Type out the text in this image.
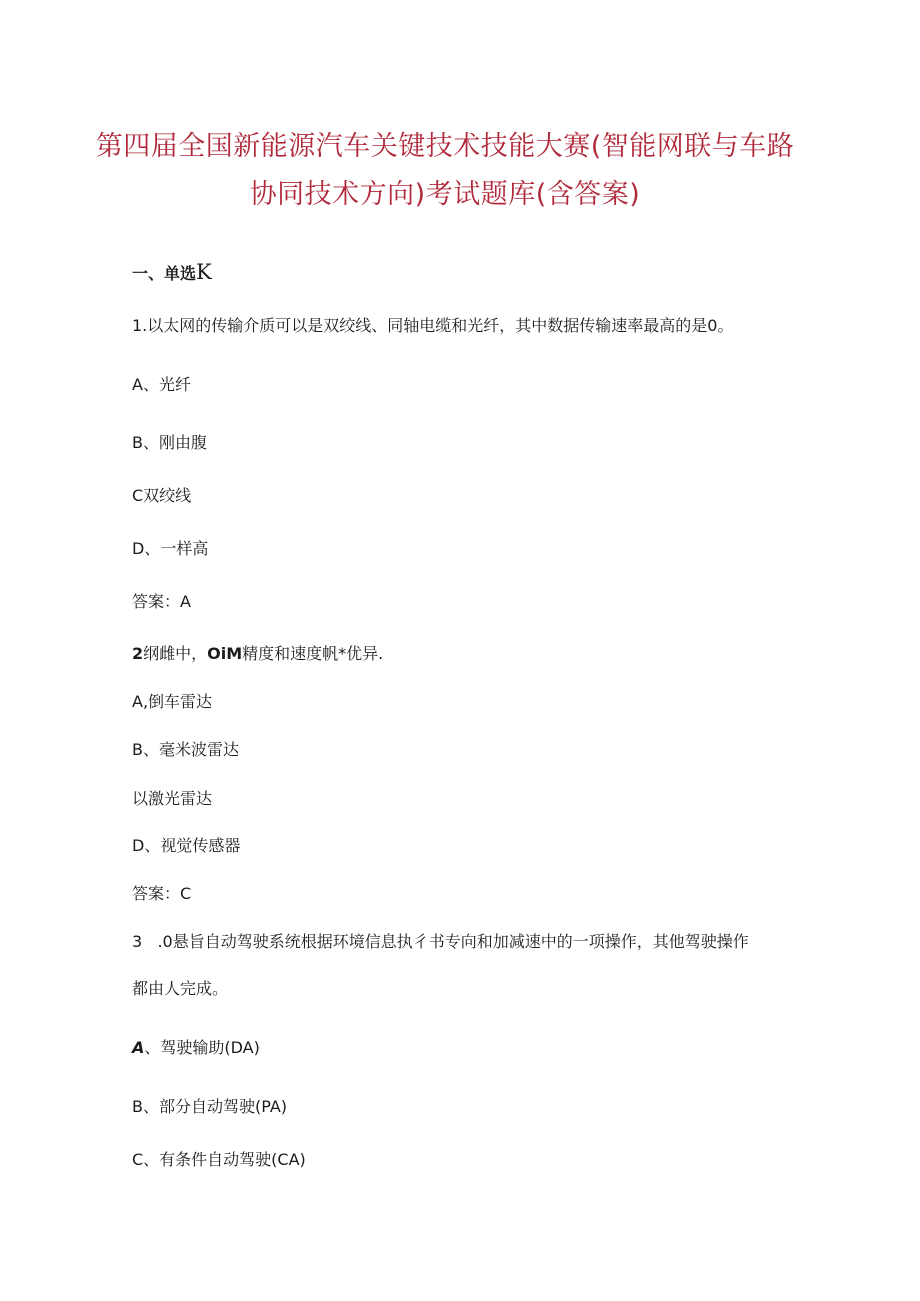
第四届全国新能源汽车关键技术技能大赛(智能网联与车路
协同技术方向)考试题库(含答案)
一、单选K
1.以太网的传输介质可以是双绞线、同轴电缆和光纤，其中数据传输速率最高的是0。
A、光纤
B、刚由腹
C双绞线
D、一样高
答案：A
2纲雌中，OiM精度和速度帆*优异.
A,倒车雷达
B、毫米波雷达
以激光雷达
D、视觉传感器
答案：C
3   .0悬旨自动驾驶系统根据环境信息执彳书专向和加减速中的一项操作，其他驾驶操作
都由人完成。
A、驾驶输助(DA)
B、部分自动驾驶(PA)
C、有条件自动驾驶(CA)
